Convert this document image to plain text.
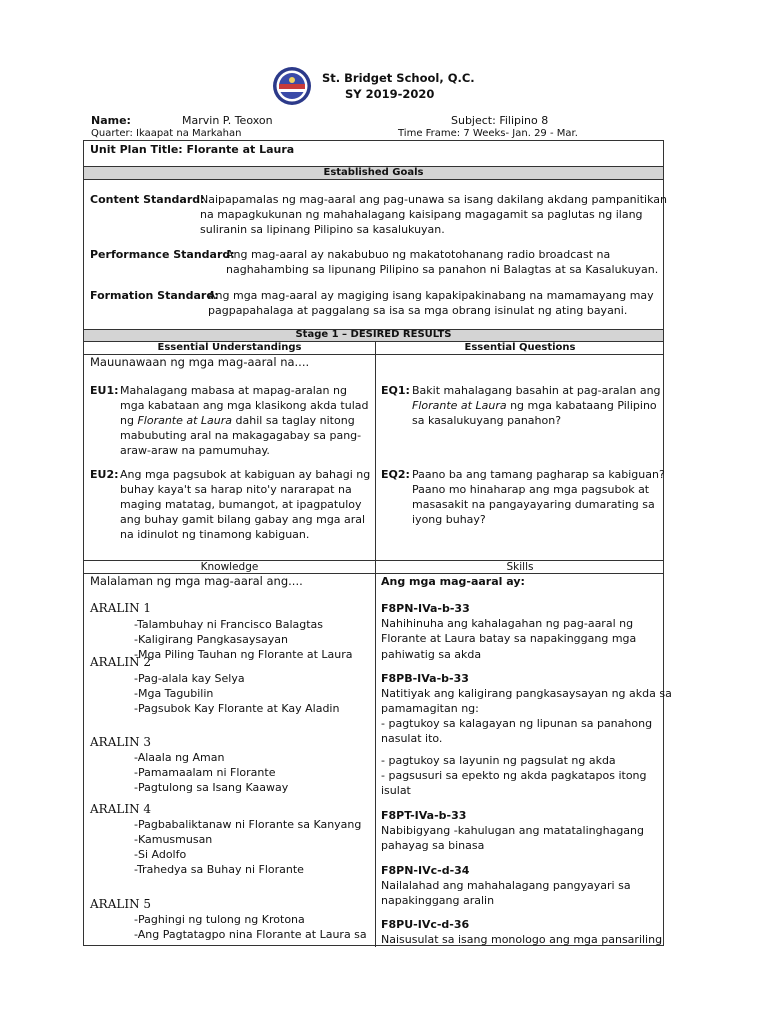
St. Bridget School, Q.C.
SY 2019-2020
Name:	Marvin P. Teoxon	Subject: Filipino 8
Quarter: Ikaapat na Markahan	Time Frame: 7 Weeks- Jan. 29 - Mar.
Unit Plan Title: Florante at Laura
Established Goals
Content Standard:
Naipapamalas ng mag-aaral ang pag-unawa sa isang dakilang akdang pampanitikan
na mapagkukunan ng mahahalagang kaisipang magagamit sa paglutas ng ilang
suliranin sa lipinang Pilipino sa kasalukuyan.
Performance Standard:
Ang mag-aaral ay nakabubuo ng makatotohanang radio broadcast na
naghahambing sa lipunang Pilipino sa panahon ni Balagtas at sa Kasalukuyan.
Formation Standard:
Ang mga mag-aaral ay magiging isang kapakipakinabang na mamamayang may
pagpapahalaga at paggalang sa isa sa mga obrang isinulat ng ating bayani.
Stage 1 – DESIRED RESULTS
Essential Understandings	Essential Questions
Mauunawaan ng mga mag-aaral na....
EU1: Mahalagang mabasa at mapag-aralan ng
mga kabataan ang mga klasikong akda tulad
ng Florante at Laura dahil sa taglay nitong
mabubuting aral na makagagabay sa pang-
araw-araw na pamumuhay.
EU2: Ang mga pagsubok at kabiguan ay bahagi ng
buhay kaya't sa harap nito'y nararapat na
maging matatag, bumangot, at ipagpatuloy
ang buhay gamit bilang gabay ang mga aral
na idinulot ng tinamong kabiguan.
EQ1: Bakit mahalagang basahin at pag-aralan ang
Florante at Laura ng mga kabataang Pilipino
sa kasalukuyang panahon?
EQ2: Paano ba ang tamang pagharap sa kabiguan?
Paano mo hinaharap ang mga pagsubok at
masasakit na pangayayaring dumarating sa
iyong buhay?
Knowledge	Skills
Malalaman ng mga mag-aaral ang....
ARALIN 1
-Talambuhay ni Francisco Balagtas
-Kaligirang Pangkasaysayan
-Mga Piling Tauhan ng Florante at Laura
ARALIN 2
-Pag-alala kay Selya
-Mga Tagubilin
-Pagsubok Kay Florante at Kay Aladin
ARALIN 3
-Alaala ng Aman
-Pamamaalam ni Florante
-Pagtulong sa Isang Kaaway
ARALIN 4
-Pagbabaliktanaw ni Florante sa Kanyang
-Kamusmusan
-Si Adolfo
-Trahedya sa Buhay ni Florante
ARALIN 5
-Paghingi ng tulong ng Krotona
-Ang Pagtatagpo nina Florante at Laura sa
Ang mga mag-aaral ay:
F8PN-IVa-b-33
Nahihinuha ang kahalagahan ng pag-aaral ng
Florante at Laura batay sa napakinggang mga
pahiwatig sa akda
F8PB-IVa-b-33
Natitiyak ang kaligirang pangkasaysayan ng akda sa
pamamagitan ng:
- pagtukoy sa kalagayan ng lipunan sa panahong
nasulat ito.
- pagtukoy sa layunin ng pagsulat ng akda
- pagsusuri sa epekto ng akda pagkatapos itong
isulat
F8PT-IVa-b-33
Nabibigyang -kahulugan ang matatalinghagang
pahayag sa binasa
F8PN-IVc-d-34
Nailalahad ang mahahalagang pangyayari sa
napakinggang aralin
F8PU-IVc-d-36
Naisusulat sa isang monologo ang mga pansariling
